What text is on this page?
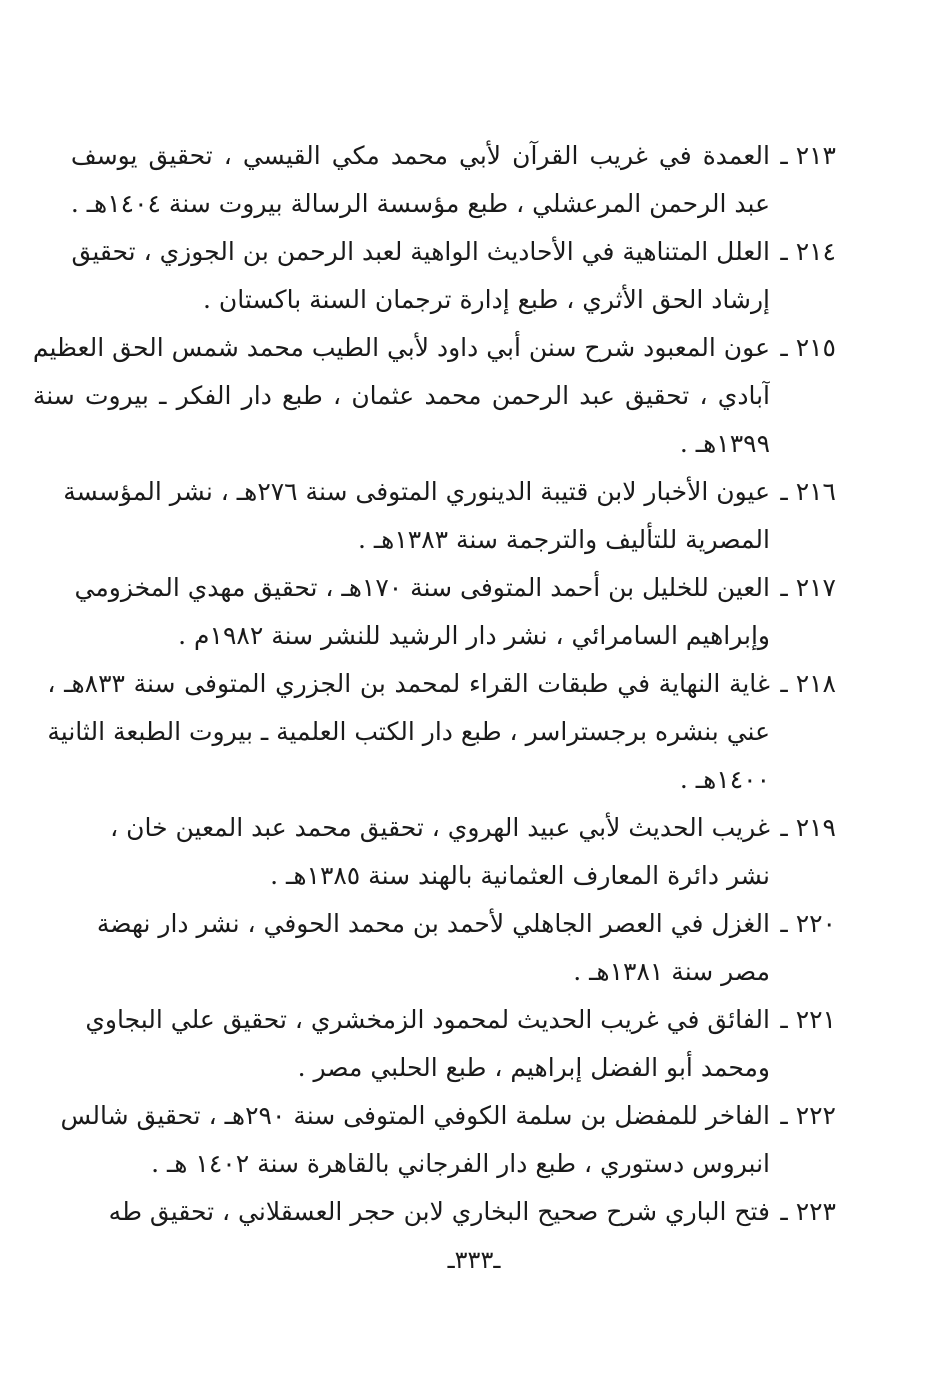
٢١٣ ـ
العمدة في غريب القرآن لأبي محمد مكي القيسي ، تحقيق يوسف
عبد الرحمن المرعشلي ، طبع مؤسسة الرسالة بيروت سنة ١٤٠٤هـ .
٢١٤ ـ
العلل المتناهية في الأحاديث الواهية لعبد الرحمن بن الجوزي ، تحقيق
إرشاد الحق الأثري ، طبع إدارة ترجمان السنة باكستان .
٢١٥ ـ
عون المعبود شرح سنن أبي داود لأبي الطيب محمد شمس الحق العظيم
آبادي ، تحقيق عبد الرحمن محمد عثمان ، طبع دار الفكر ـ بيروت سنة
١٣٩٩هـ .
٢١٦ ـ
عيون الأخبار لابن قتيبة الدينوري المتوفى سنة ٢٧٦هـ ، نشر المؤسسة
المصرية للتأليف والترجمة سنة ١٣٨٣هـ .
٢١٧ ـ
العين للخليل بن أحمد المتوفى سنة ١٧٠هـ ، تحقيق مهدي المخزومي
وإبراهيم السامرائي ، نشر دار الرشيد للنشر سنة ١٩٨٢م .
٢١٨ ـ
غاية النهاية في طبقات القراء لمحمد بن الجزري المتوفى سنة ٨٣٣هـ ،
عني بنشره برجستراسر ، طبع دار الكتب العلمية ـ بيروت الطبعة الثانية
١٤٠٠هـ .
٢١٩ ـ
غريب الحديث لأبي عبيد الهروي ، تحقيق محمد عبد المعين خان ،
نشر دائرة المعارف العثمانية بالهند سنة ١٣٨٥هـ .
٢٢٠ ـ
الغزل في العصر الجاهلي لأحمد بن محمد الحوفي ، نشر دار نهضة
مصر سنة ١٣٨١هـ .
٢٢١ ـ
الفائق في غريب الحديث لمحمود الزمخشري ، تحقيق علي البجاوي
ومحمد أبو الفضل إبراهيم ، طبع الحلبي مصر .
٢٢٢ ـ
الفاخر للمفضل بن سلمة الكوفي المتوفى سنة ٢٩٠هـ ، تحقيق شالس
انبروس دستوري ، طبع دار الفرجاني بالقاهرة سنة ١٤٠٢ هـ .
٢٢٣ ـ
فتح الباري شرح صحيح البخاري لابن حجر العسقلاني ، تحقيق طه
ـ٣٣٣ـ
